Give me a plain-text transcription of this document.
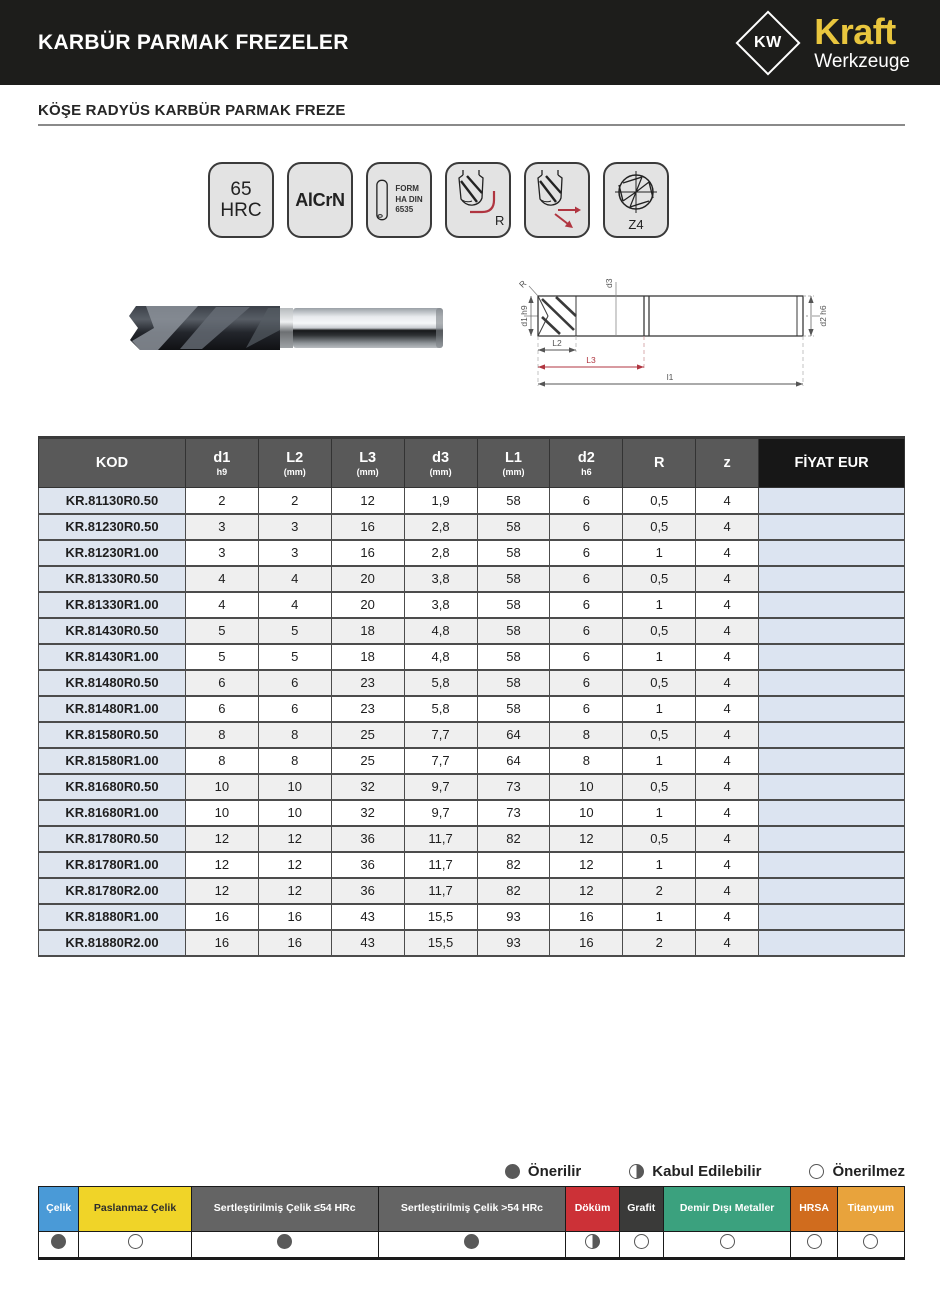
KARBÜR PARMAK FREZELER	KW Kraft
Werkzeuge
KÖŞE RADYÜS KARBÜR PARMAK FREZE
65
HRC
AlCrN
FORM
HA DIN
6535
R	Z4
d3
R
d1 h9	d2 h6
L2
L3
l1
KOD	d1
h9

L2
(mm)

L3
(mm)

d3
(mm)

L1
(mm)

d2
h6

R	z	FİYAT EUR

KR.81130R0.50	2	2	12	1,9	58	6	0,5	4	
KR.81230R0.50	3	3	16	2,8	58	6	0,5	4	
KR.81230R1.00	3	3	16	2,8	58	6	1	4	
KR.81330R0.50	4	4	20	3,8	58	6	0,5	4	
KR.81330R1.00	4	4	20	3,8	58	6	1	4	
KR.81430R0.50	5	5	18	4,8	58	6	0,5	4	
KR.81430R1.00	5	5	18	4,8	58	6	1	4	
KR.81480R0.50	6	6	23	5,8	58	6	0,5	4	
KR.81480R1.00	6	6	23	5,8	58	6	1	4	
KR.81580R0.50	8	8	25	7,7	64	8	0,5	4	
KR.81580R1.00	8	8	25	7,7	64	8	1	4	
KR.81680R0.50	10	10	32	9,7	73	10	0,5	4	
KR.81680R1.00	10	10	32	9,7	73	10	1	4	
KR.81780R0.50	12	12	36	11,7	82	12	0,5	4	
KR.81780R1.00	12	12	36	11,7	82	12	1	4	
KR.81780R2.00	12	12	36	11,7	82	12	2	4	
KR.81880R1.00	16	16	43	15,5	93	16	1	4	
KR.81880R2.00	16	16	43	15,5	93	16	2	4	
Önerilir	Kabul Edilebilir	Önerilmez
Çelik	Paslanmaz Çelik	Sertleştirilmiş Çelik ≤54 HRc	Sertleştirilmiş Çelik >54 HRc	Döküm	Grafit	Demir Dışı Metaller	HRSA	Titanyum
